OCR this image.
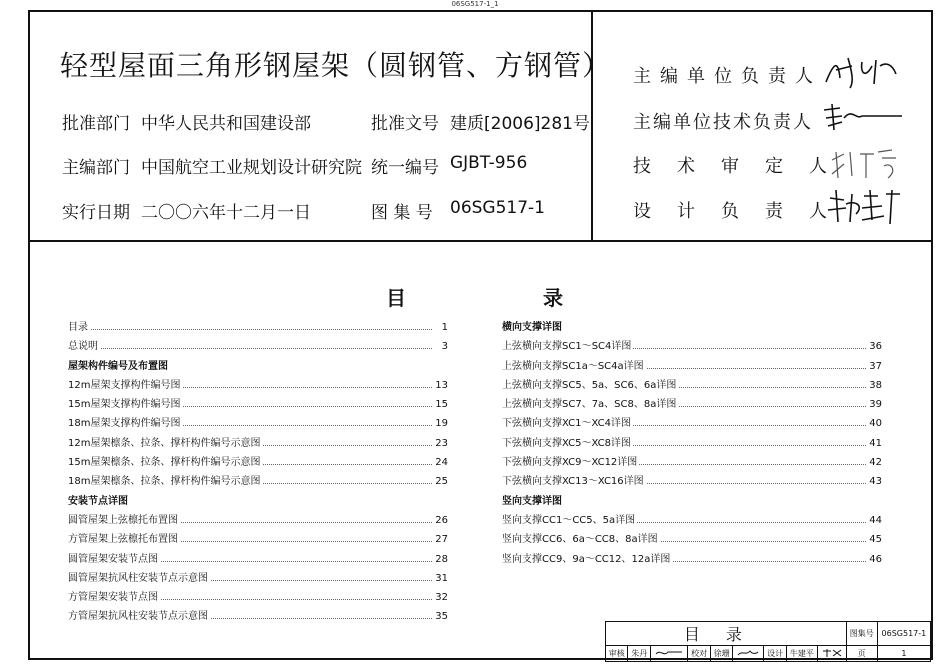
06SG517-1_1
轻型屋面三角形钢屋架（圆钢管、方钢管）
批准部门 中华人民共和国建设部	批准文号 建质[2006]281号
主编部门 中国航空工业规划设计研究院 统一编号 GJBT-956
实行日期 二〇〇六年十二月一日	图 集 号 06SG517-1
主编单位负责人
主编单位技术负责人
技术审定人
设计负责人
目	录
目录	1
总说明	3
屋架构件编号及布置图
12m屋架支撑构件编号图	13
15m屋架支撑构件编号图	15
18m屋架支撑构件编号图	19
12m屋架檩条、拉条、撑杆构件编号示意图	23
15m屋架檩条、拉条、撑杆构件编号示意图	24
18m屋架檩条、拉条、撑杆构件编号示意图	25
安装节点详图
圆管屋架上弦檩托布置图	26
方管屋架上弦檩托布置图	27
圆管屋架安装节点图	28
圆管屋架抗风柱安装节点示意图	31
方管屋架安装节点图	32
方管屋架抗风柱安装节点示意图	35
横向支撑详图
上弦横向支撑SC1～SC4详图	36
上弦横向支撑SC1a～SC4a详图	37
上弦横向支撑SC5、5a、SC6、6a详图	38
上弦横向支撑SC7、7a、SC8、8a详图	39
下弦横向支撑XC1～XC4详图	40
下弦横向支撑XC5～XC8详图	41
下弦横向支撑XC9～XC12详图	42
下弦横向支撑XC13～XC16详图	43
竖向支撑详图
竖向支撑CC1～CC5、5a详图	44
竖向支撑CC6、6a～CC8、8a详图	45
竖向支撑CC9、9a～CC12、12a详图	46
目录									图集号	06SG517-1
审核	朱丹		校对	徐珊		设计	牛建平		页	1
